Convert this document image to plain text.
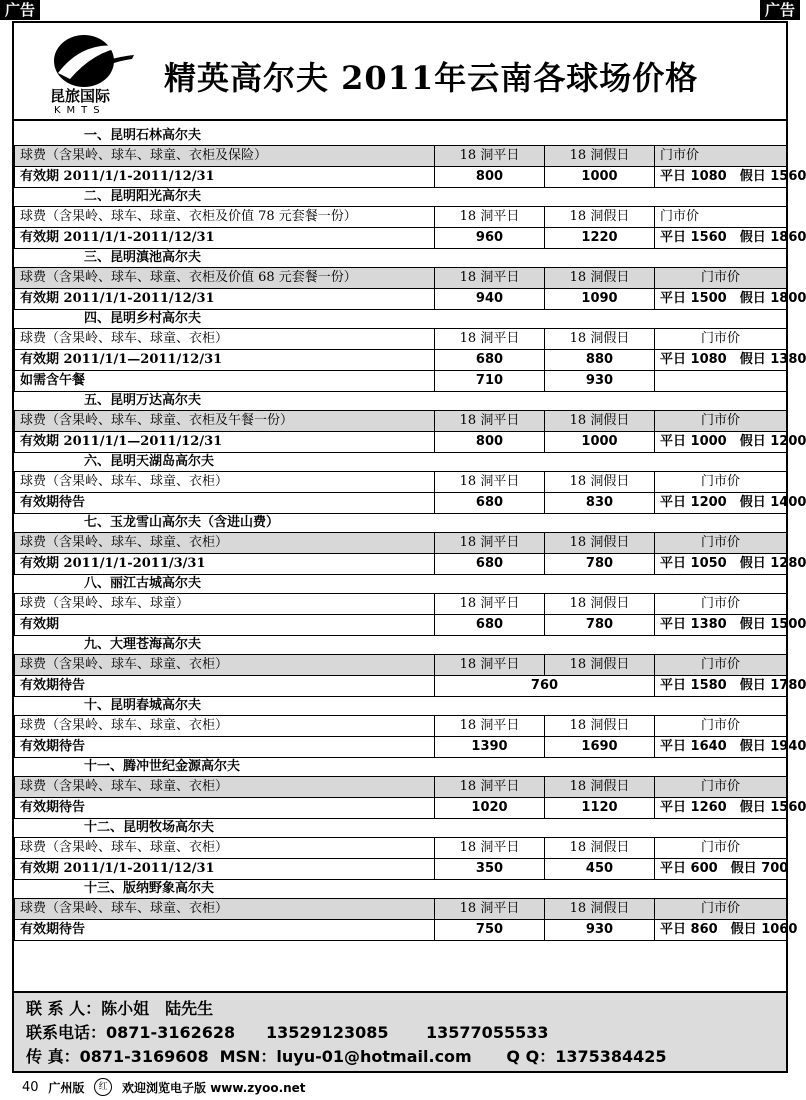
广告	广告
昆旅国际
KMTS
精英高尔夫 2011年云南各球场价格
一、昆明石林高尔夫
球费（含果岭、球车、球童、衣柜及保险）	18 洞平日	18 洞假日	门市价
有效期 2011/1/1-2011/12/31	800	1000	平日 1080　假日 1560
二、昆明阳光高尔夫
球费（含果岭、球车、球童、衣柜及价值 78 元套餐一份）	18 洞平日	18 洞假日	门市价
有效期 2011/1/1-2011/12/31	960	1220	平日 1560　假日 1860
三、昆明滇池高尔夫
球费（含果岭、球车、球童、衣柜及价值 68 元套餐一份）	18 洞平日	18 洞假日	门市价
有效期 2011/1/1-2011/12/31	940	1090	平日 1500　假日 1800
四、昆明乡村高尔夫
球费（含果岭、球车、球童、衣柜）	18 洞平日	18 洞假日	门市价
有效期 2011/1/1—2011/12/31	680	880	平日 1080　假日 1380
如需含午餐	710	930	
五、昆明万达高尔夫
球费（含果岭、球车、球童、衣柜及午餐一份）	18 洞平日	18 洞假日	门市价
有效期 2011/1/1—2011/12/31	800	1000	平日 1000　假日 1200
六、昆明天湖岛高尔夫
球费（含果岭、球车、球童、衣柜）	18 洞平日	18 洞假日	门市价
有效期待告	680	830	平日 1200　假日 1400
七、玉龙雪山高尔夫（含进山费）
球费（含果岭、球车、球童、衣柜）	18 洞平日	18 洞假日	门市价
有效期 2011/1/1-2011/3/31	680	780	平日 1050　假日 1280
八、丽江古城高尔夫
球费（含果岭、球车、球童）	18 洞平日	18 洞假日	门市价
有效期	680	780	平日 1380　假日 1500
九、大理苍海高尔夫
球费（含果岭、球车、球童、衣柜）	18 洞平日	18 洞假日	门市价
有效期待告	760		平日 1580　假日 1780
十、昆明春城高尔夫
球费（含果岭、球车、球童、衣柜）	18 洞平日	18 洞假日	门市价
有效期待告	1390	1690	平日 1640　假日 1940
十一、腾冲世纪金源高尔夫
球费（含果岭、球车、球童、衣柜）	18 洞平日	18 洞假日	门市价
有效期待告	1020	1120	平日 1260　假日 1560
十二、昆明牧场高尔夫
球费（含果岭、球车、球童、衣柜）	18 洞平日	18 洞假日	门市价
有效期 2011/1/1-2011/12/31	350	450	平日 600　假日 700
十三、版纳野象高尔夫
球费（含果岭、球车、球童、衣柜）	18 洞平日	18 洞假日	门市价
有效期待告	750	930	平日 860　假日 1060
联 系 人：陈小姐　陆先生
联系电话：0871-3162628 13529123085 13577055533
传 真：0871-3169608 MSN：luyu-01@hotmail.com Q Q：1375384425
40 广州版 红 欢迎浏览电子版 www.zyoo.net
